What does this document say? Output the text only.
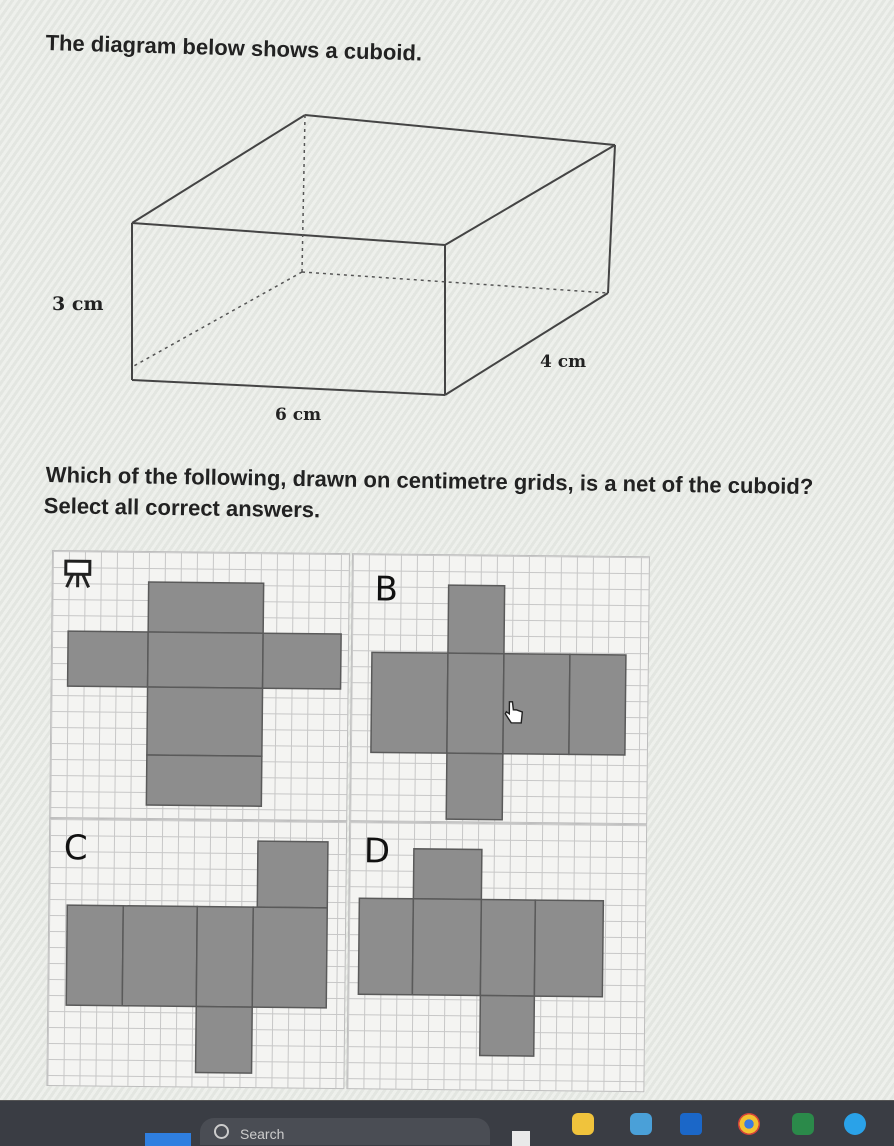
The diagram below shows a cuboid.
3 cm
4 cm
6 cm
Which of the following, drawn on centimetre grids, is a net of the cuboid?
Select all correct answers.
B
C	D
Search
